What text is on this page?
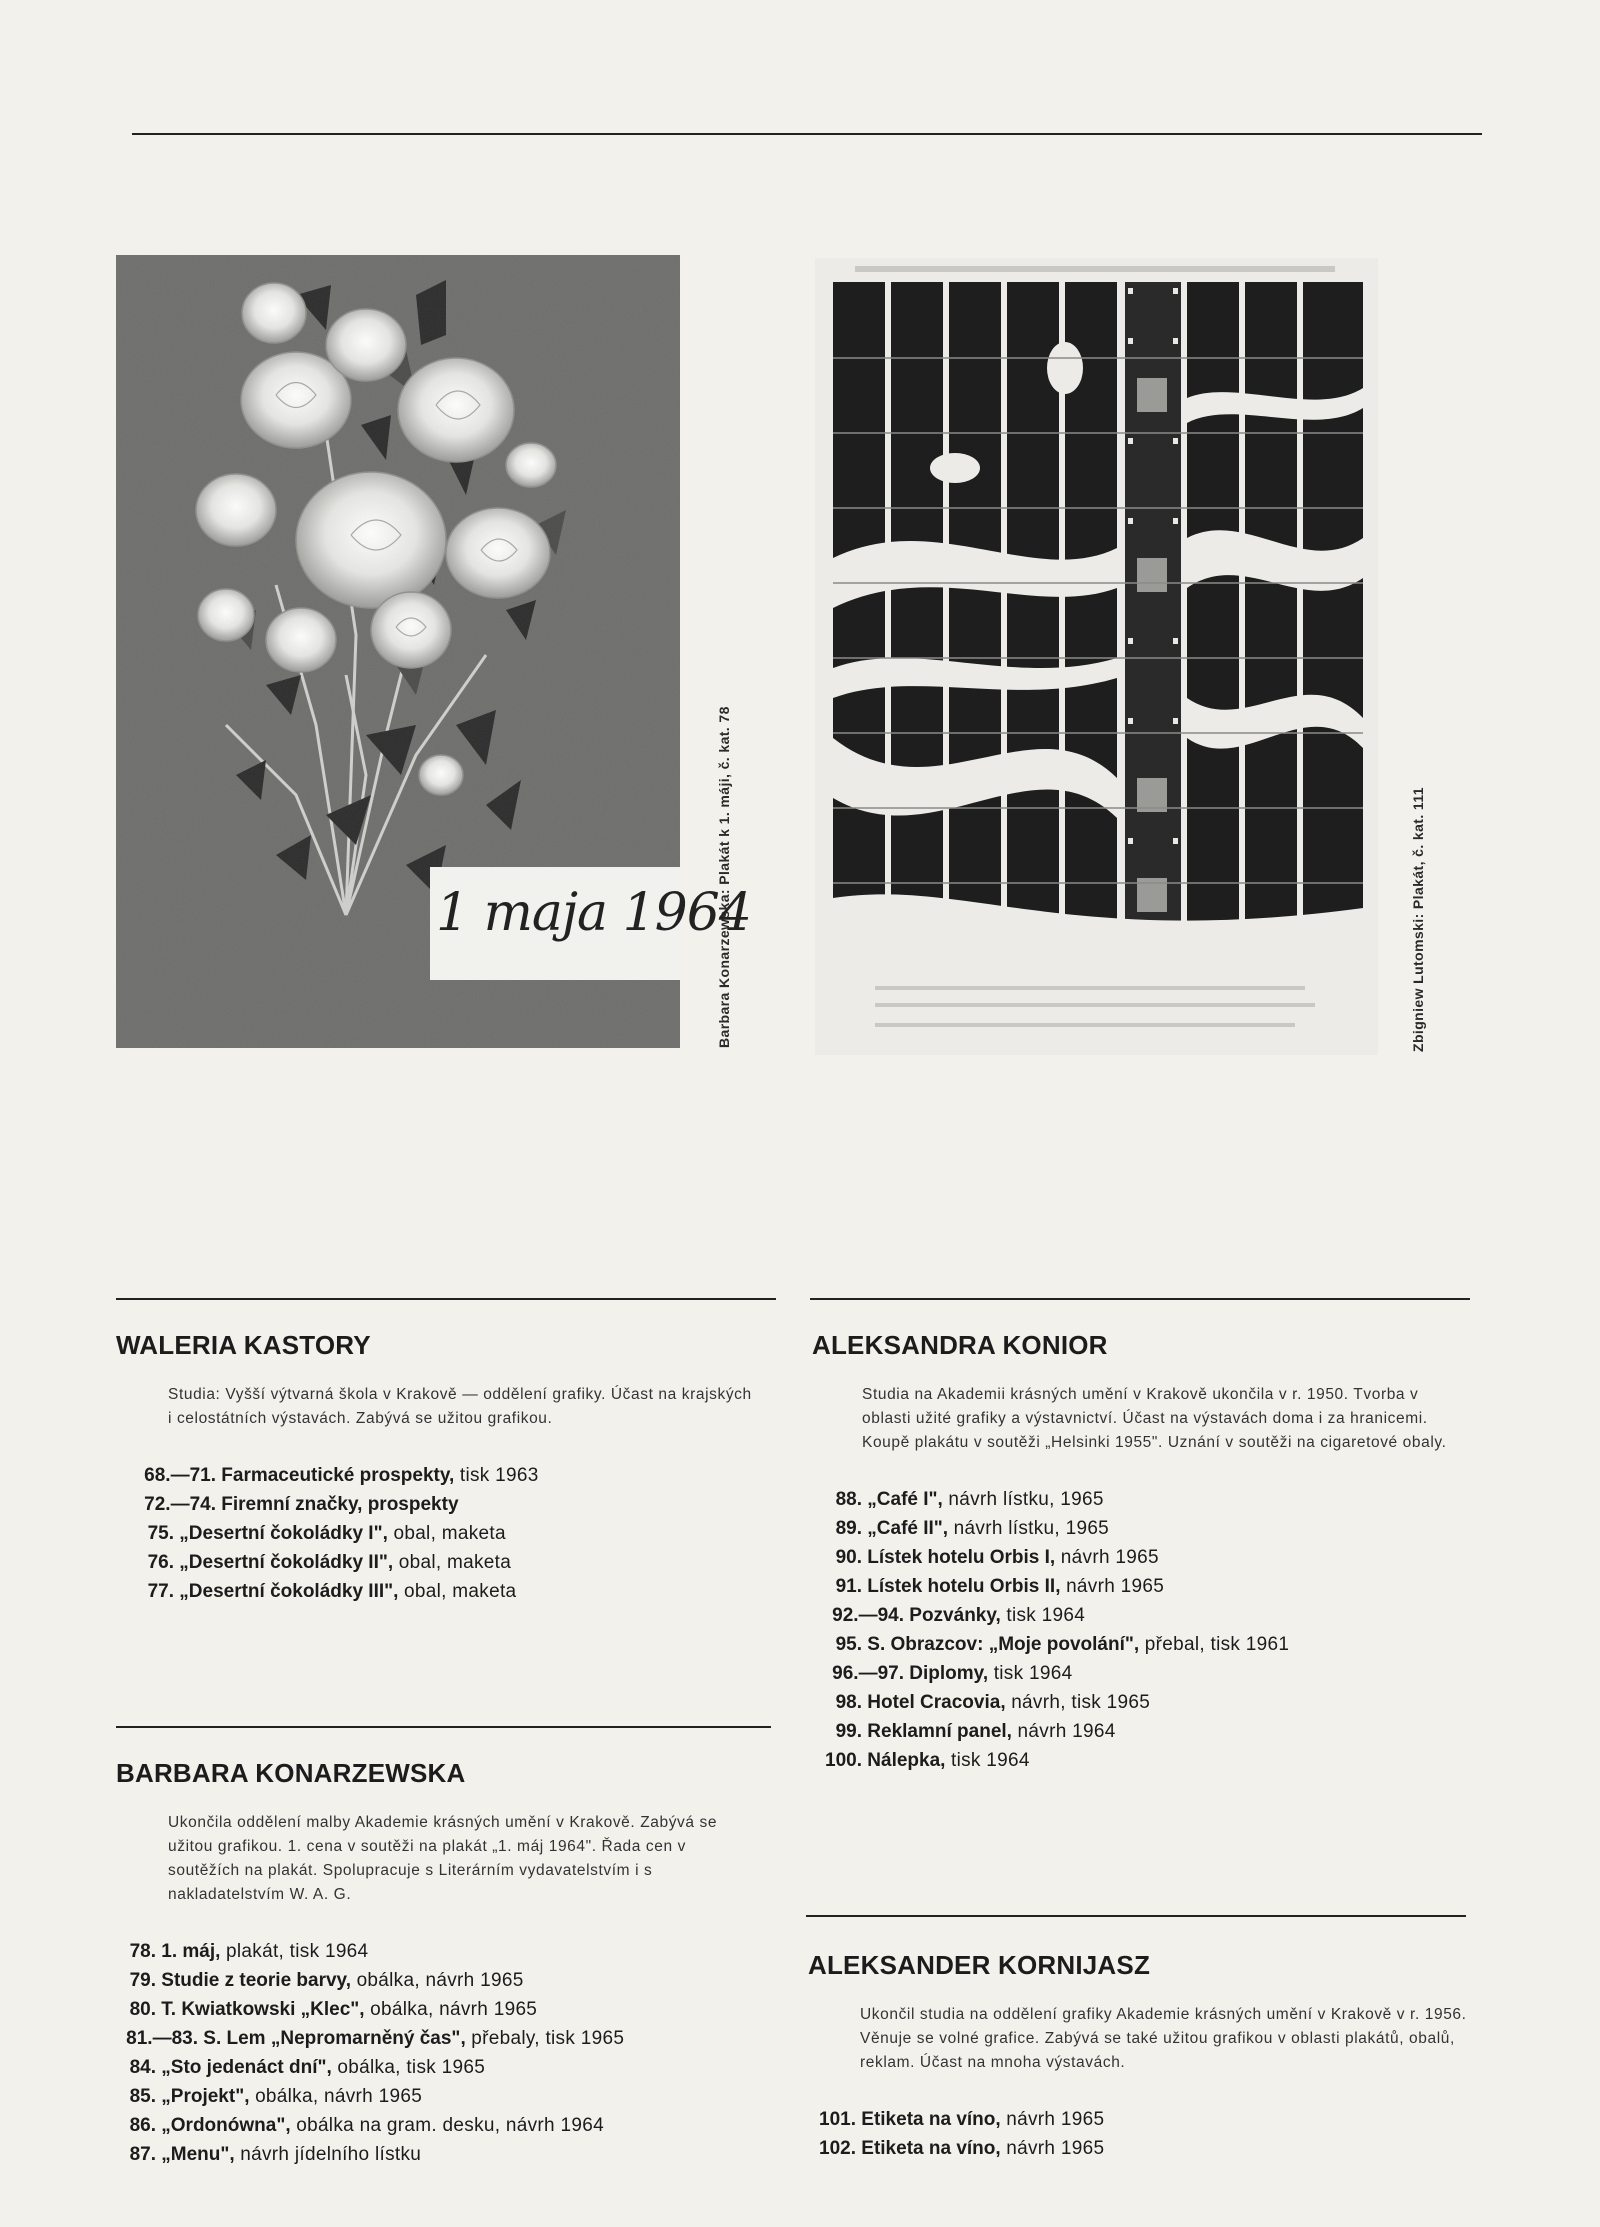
1 maja 1964
Barbara Konarzewska: Plakát k 1. máji, č. kat. 78	Zbigniew Lutomski: Plakát, č. kat. 111
WALERIA KASTORY

Studia: Vyšší výtvarná škola v Krakově — oddělení grafiky. Účast na krajských i celostátních výstavách. Zabývá se užitou grafikou.

68.—71. Farmaceutické prospekty, tisk 1963
72.—74. Firemní značky, prospekty
75. „Desertní čokoládky I", obal, maketa
76. „Desertní čokoládky II", obal, maketa
77. „Desertní čokoládky III", obal, maketa
BARBARA KONARZEWSKA

Ukončila oddělení malby Akademie krásných umění v Krakově. Zabývá se užitou grafikou. 1. cena v soutěži na plakát „1. máj 1964". Řada cen v soutěžích na plakát. Spolupracuje s Literárním vydavatelstvím i s nakladatelstvím W. A. G.

78. 1. máj, plakát, tisk 1964
79. Studie z teorie barvy, obálka, návrh 1965
80. T. Kwiatkowski „Klec", obálka, návrh 1965
81.—83. S. Lem „Nepromarněný čas", přebaly, tisk 1965
84. „Sto jedenáct dní", obálka, tisk 1965
85. „Projekt", obálka, návrh 1965
86. „Ordonówna", obálka na gram. desku, návrh 1964
87. „Menu", návrh jídelního lístku
ALEKSANDRA KONIOR

Studia na Akademii krásných umění v Krakově ukončila v r. 1950. Tvorba v oblasti užité grafiky a výstavnictví. Účast na výstavách doma i za hranicemi. Koupě plakátu v soutěži „Helsinki 1955". Uznání v soutěži na cigaretové obaly.

88. „Café I", návrh lístku, 1965
89. „Café II", návrh lístku, 1965
90. Lístek hotelu Orbis I, návrh 1965
91. Lístek hotelu Orbis II, návrh 1965
92.—94. Pozvánky, tisk 1964
95. S. Obrazcov: „Moje povolání", přebal, tisk 1961
96.—97. Diplomy, tisk 1964
98. Hotel Cracovia, návrh, tisk 1965
99. Reklamní panel, návrh 1964
100. Nálepka, tisk 1964
ALEKSANDER KORNIJASZ

Ukončil studia na oddělení grafiky Akademie krásných umění v Krakově v r. 1956. Věnuje se volné grafice. Zabývá se také užitou grafikou v oblasti plakátů, obalů, reklam. Účast na mnoha výstavách.

101. Etiketa na víno, návrh 1965
102. Etiketa na víno, návrh 1965
